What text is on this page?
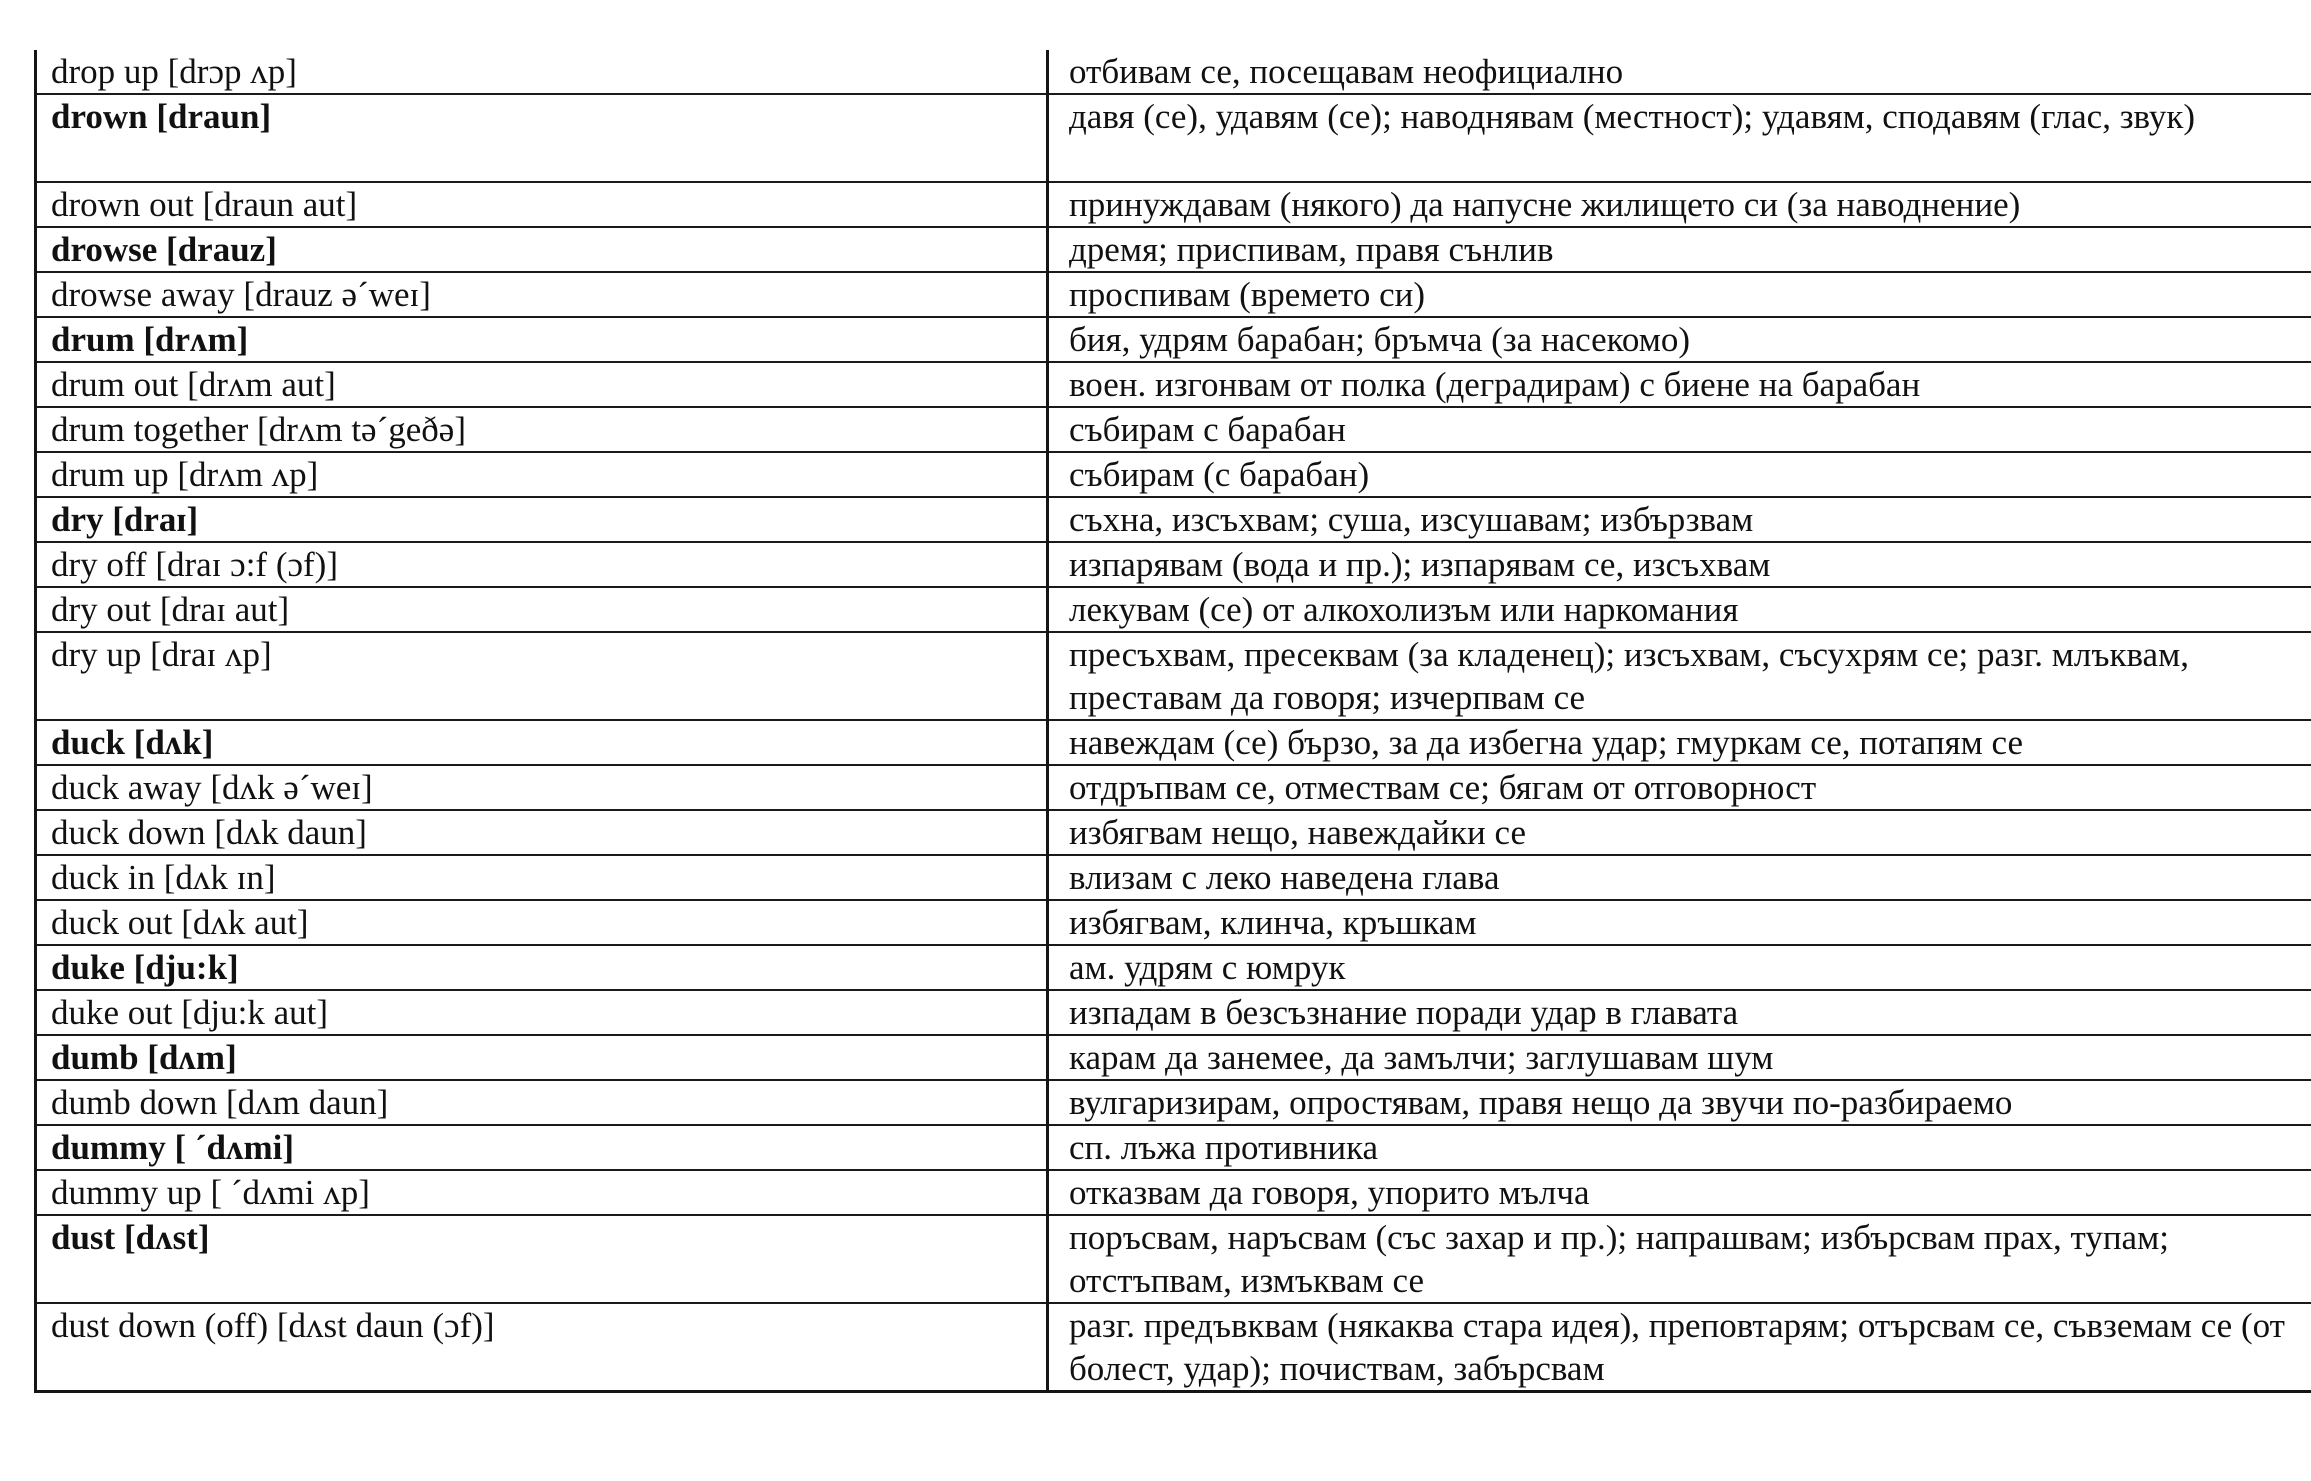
drop up [drɔp ʌp]	отбивам се, посещавам неофициално
drown [draun]	давя (се), удавям (се); наводнявам (местност); удавям, сподавям (глас, звук)
drown out [draun aut]	принуждавам (някого) да напусне жилището си (за наводнение)
drowse [drauz]	дремя; приспивам, правя сънлив
drowse away [drauz əˊweɪ]	проспивам (времето си)
drum [drʌm]	бия, удрям барабан; бръмча (за насекомо)
drum out [drʌm aut]	воен. изгонвам от полка (деградирам) с биене на барабан
drum together [drʌm təˊgeðə]	събирам с барабан
drum up [drʌm ʌp]	събирам (с барабан)
dry [draɪ]	съхна, изсъхвам; суша, изсушавам; избързвам
dry off [draɪ ɔ:f (ɔf)]	изпарявам (вода и пр.); изпарявам се, изсъхвам
dry out [draɪ aut]	лекувам (се) от алкохолизъм или наркомания
dry up [draɪ ʌp]	пресъхвам, пресеквам (за кладенец); изсъхвам, съсухрям се; разг. млъквам, преставам да говоря; изчерпвам се
duck [dʌk]	навеждам (се) бързо, за да избегна удар; гмуркам се, потапям се
duck away [dʌk əˊweɪ]	отдръпвам се, отмествам се; бягам от отговорност
duck down [dʌk daun]	избягвам нещо, навеждайки се
duck in [dʌk ɪn]	влизам с леко наведена глава
duck out [dʌk aut]	избягвам, клинча, кръшкам
duke [dju:k]	ам. удрям с юмрук
duke out [dju:k aut]	изпадам в безсъзнание поради удар в главата
dumb [dʌm]	карам да занемее, да замълчи; заглушавам шум
dumb down [dʌm daun]	вулгаризирам, опростявам, правя нещо да звучи по-разбираемо
dummy [ ˊdʌmi]	сп. лъжа противника
dummy up [ ˊdʌmi ʌp]	отказвам да говоря, упорито мълча
dust [dʌst]	поръсвам, наръсвам (със захар и пр.); напрашвам; избърсвам прах, тупам; отстъпвам, измъквам се
dust down (off) [dʌst daun (ɔf)]	разг. предъвквам (някаква стара идея), преповтарям; отърсвам се, съвземам се (от болест, удар); почиствам, забърсвам
